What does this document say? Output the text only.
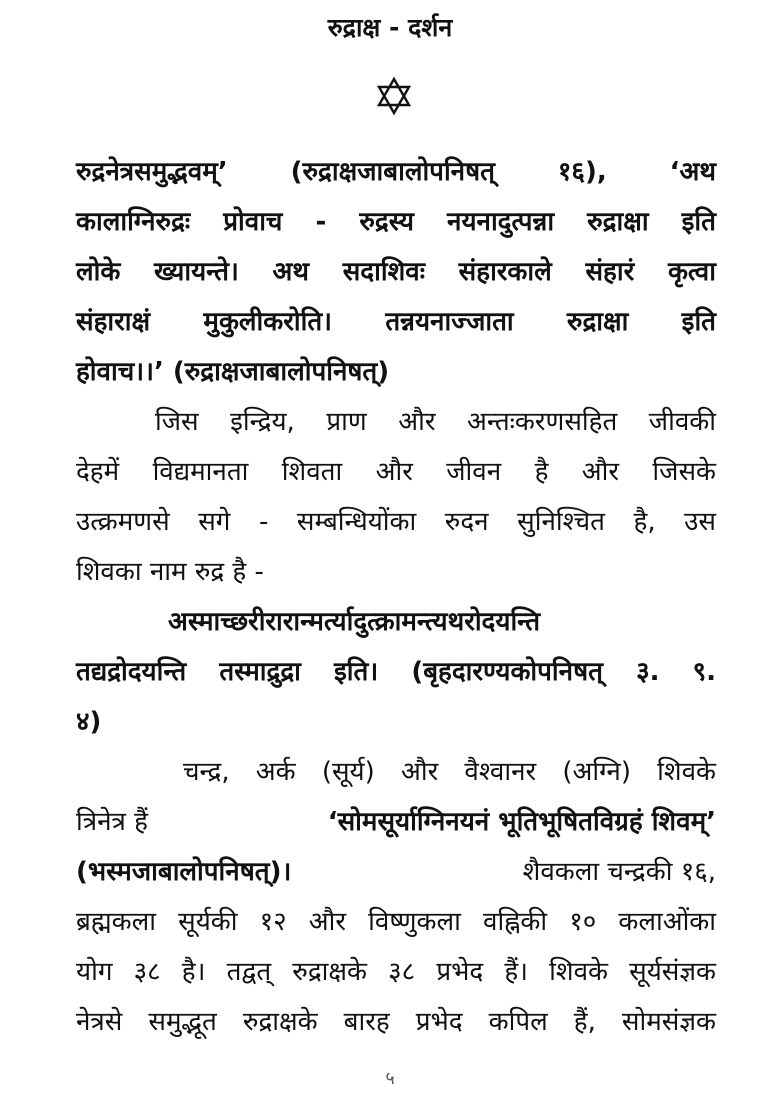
रुद्राक्ष - दर्शन
रुद्रनेत्रसमुद्भवम्’ (रुद्राक्षजाबालोपनिषत् १६), ‘अथ
कालाग्निरुद्रः प्रोवाच - रुद्रस्य नयनादुत्पन्ना रुद्राक्षा इति
लोके ख्यायन्ते। अथ सदाशिवः संहारकाले संहारं कृत्वा
संहाराक्षं मुकुलीकरोति। तन्नयनाज्जाता रुद्राक्षा इति
होवाच।।’ (रुद्राक्षजाबालोपनिषत्)
जिस इन्द्रिय, प्राण और अन्तःकरणसहित जीवकी
देहमें विद्यमानता शिवता और जीवन है और जिसके
उत्क्रमणसे सगे - सम्बन्धियोंका रुदन सुनिश्चित है, उस
शिवका नाम रुद्र है -
अस्माच्छरीरारान्मर्त्यादुत्क्रामन्त्यथरोदयन्ति
तद्यद्रोदयन्ति तस्माद्रुद्रा इति। (बृहदारण्यकोपनिषत् ३. ९.
४)
चन्द्र, अर्क (सूर्य) और वैश्वानर (अग्नि) शिवके
त्रिनेत्र हैं	‘सोमसूर्याग्निनयनं भूतिभूषितविग्रहं शिवम्’
(भस्मजाबालोपनिषत्)।	शैवकला चन्द्रकी १६,
ब्रह्मकला सूर्यकी १२ और विष्णुकला वह्निकी १० कलाओंका
योग ३८ है। तद्वत् रुद्राक्षके ३८ प्रभेद हैं। शिवके सूर्यसंज्ञक
नेत्रसे समुद्भूत रुद्राक्षके बारह प्रभेद कपिल हैं, सोमसंज्ञक
५
